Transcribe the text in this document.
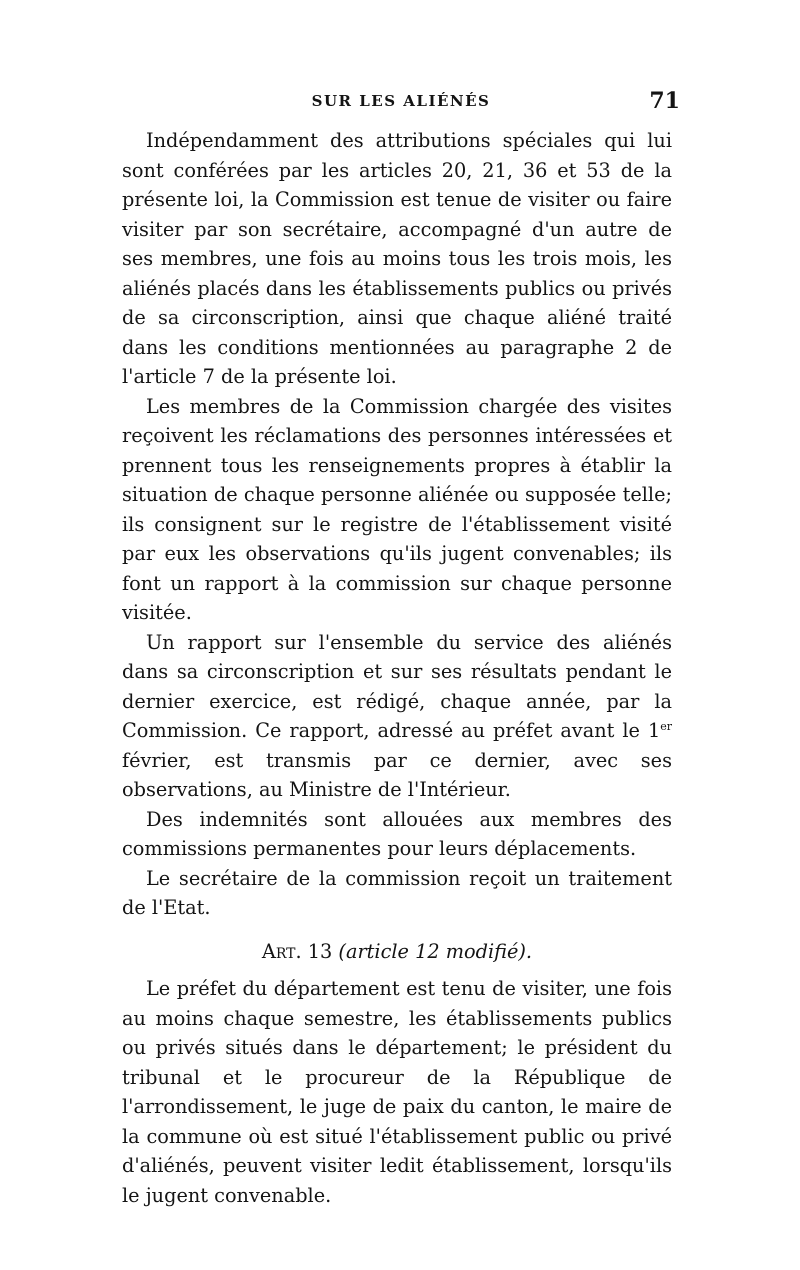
SUR LES ALIÉNÉS	71

Indépendamment des attributions spéciales qui lui sont conférées par les articles 20, 21, 36 et 53 de la présente loi, la Commission est tenue de visiter ou faire visiter par son secrétaire, accompagné d'un autre de ses membres, une fois au moins tous les trois mois, les aliénés placés dans les établissements publics ou privés de sa circonscription, ainsi que chaque aliéné traité dans les conditions mentionnées au paragraphe 2 de l'article 7 de la présente loi.

Les membres de la Commission chargée des visites reçoivent les réclamations des personnes intéressées et prennent tous les renseignements propres à établir la situation de chaque personne aliénée ou supposée telle; ils consignent sur le registre de l'établissement visité par eux les observations qu'ils jugent convenables; ils font un rapport à la commission sur chaque personne visitée.

Un rapport sur l'ensemble du service des aliénés dans sa circonscription et sur ses résultats pendant le dernier exercice, est rédigé, chaque année, par la Commission. Ce rapport, adressé au préfet avant le 1er février, est transmis par ce dernier, avec ses observations, au Ministre de l'Intérieur.

Des indemnités sont allouées aux membres des commissions permanentes pour leurs déplacements.

Le secrétaire de la commission reçoit un traitement de l'Etat.

Art. 13 (article 12 modifié).

Le préfet du département est tenu de visiter, une fois au moins chaque semestre, les établissements publics ou privés situés dans le département; le président du tribunal et le procureur de la République de l'arrondissement, le juge de paix du canton, le maire de la commune où est situé l'établissement public ou privé d'aliénés, peuvent visiter ledit établissement, lorsqu'ils le jugent convenable.
